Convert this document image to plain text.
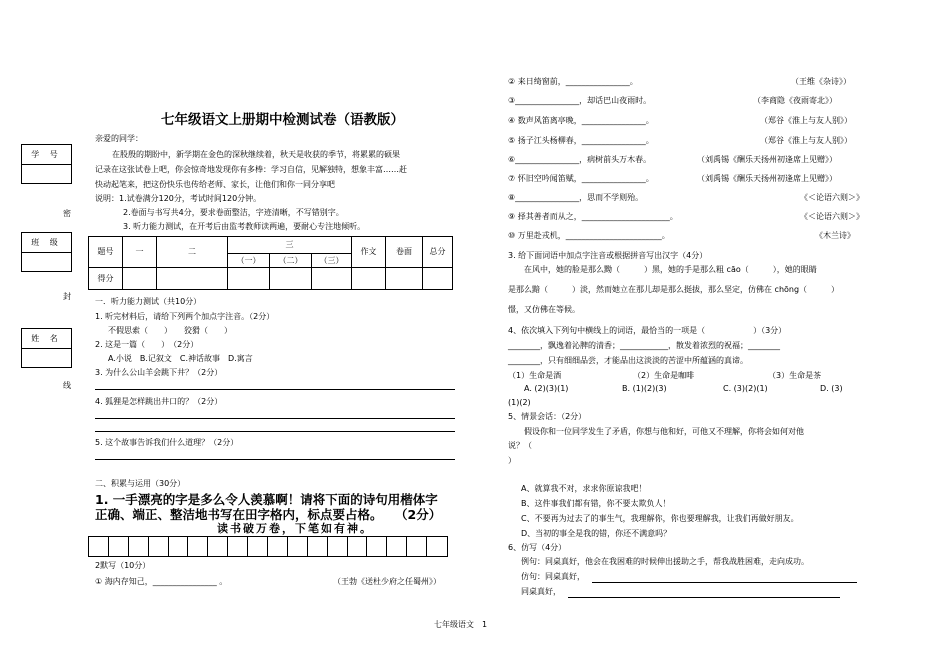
七年级语文上册期中检测试卷（语教版）
亲爱的同学：
在股殷的期盼中，新学期在金色的深秋继续着，秋天是收获的季节，将累累的硕果
记录在这张试卷上吧，你会惊奇地发现你有多棒：学习自信，见解独特，想象丰富……赶
快动起笔来，把这份快乐也传给老师、家长，让他们和你一同分享吧
说明：1.试卷满分120分，考试时间120分钟。
2.卷面与书写共4分，要求卷面整洁，字迹清晰，不写错别字。
3. 听力能力测试，在开考后由监考教师读两遍，要耐心专注地倾听。
学 号
密
班 级
封
姓 名
线
题号	一	二	三			作文	卷面	总分
			（一）	（二）	（三）			
得分								
一．听力能力测试（共10分）
1. 听完材料后，请给下列两个加点字注音。（2分）
不假思索（　　）　　狡猾（　　）
2. 这是一篇（　　）　（2分）
A.小说　B.记叙文　C.神话故事　D.寓言
3. 为什么公山羊会跳下井？（2分）
4. 狐狸是怎样跳出井口的？（2分）
5. 这个故事告诉我们什么道理？（2分）
二、积累与运用（30分）
1. 一手漂亮的字是多么令人羡慕啊！请将下面的诗句用楷体字
正确、端正、整洁地书写在田字格内，标点要占格。　　（2分）
读书破万卷，下笔如有神。
2默写（10分）
① 海内存知己，________________ 。	（王勃《送杜少府之任蜀州》）
② 来日绮窗前，________________。	（王维《杂诗》）
③________________，却话巴山夜雨时。	（李商隐《夜雨寄北》）
④ 数声风笛离亭晚，________________。	（郑谷《淮上与友人别》）
⑤ 扬子江头杨柳春，________________。	（郑谷《淮上与友人别》）
⑥________________，病树前头万木春。	（刘禹锡《酬乐天扬州初逢席上见赠》）
⑦ 怀旧空吟闻笛赋，________________。	（刘禹锡《酬乐天扬州初逢席上见赠》）
⑧________________，思而不学则殆。	《＜论语六则＞》
⑨ 择其善者而从之，______________________。	《＜论语六则＞》
⑩ 万里赴戎机，________________________。	《木兰诗》
3. 给下面词语中加点字注音或根据拼音写出汉字（4分）
在风中，她的脸是那么黝（　　　）黑，她的手是那么粗 cāo（　　　），她的眼睛
是那么黯（　　　）淡，然而她立在那儿却是那么挺拔，那么坚定，仿佛在 chōng（　　　）
憬，又仿佛在等候。
4、依次填入下列句中横线上的词语，最恰当的一项是（　　　　　　）（3分）
________，飘逸着沁脾的清香；____________，散发着浓烈的祝福；________
________，只有细细品尝，才能品出这淡淡的苦涩中所蕴涵的真谛。
（1）生命是酒	（2）生命是咖啡	（3）生命是茶
A. (2)(3)(1)	B. (1)(2)(3)	C. (3)(2)(1)	D. (3)
(1)(2)
5、情景会话：（2分）
假设你和一位同学发生了矛盾，你想与他和好，可他又不理解，你将会如何对他
说？（
）
A、就算我不对，求求你原谅我吧！
B、这件事我们都有错，你不要太欺负人！
C、不要再为过去了的事生气，我理解你，你也要理解我，让我们再做好朋友。
D、当初的事全是我的错，你还不满意吗？
6、仿写（4分）
例句：同桌真好，他会在我困难的时候伸出援助之手，帮我战胜困难，走向成功。
仿句：同桌真好，
同桌真好，
七年级语文　1
